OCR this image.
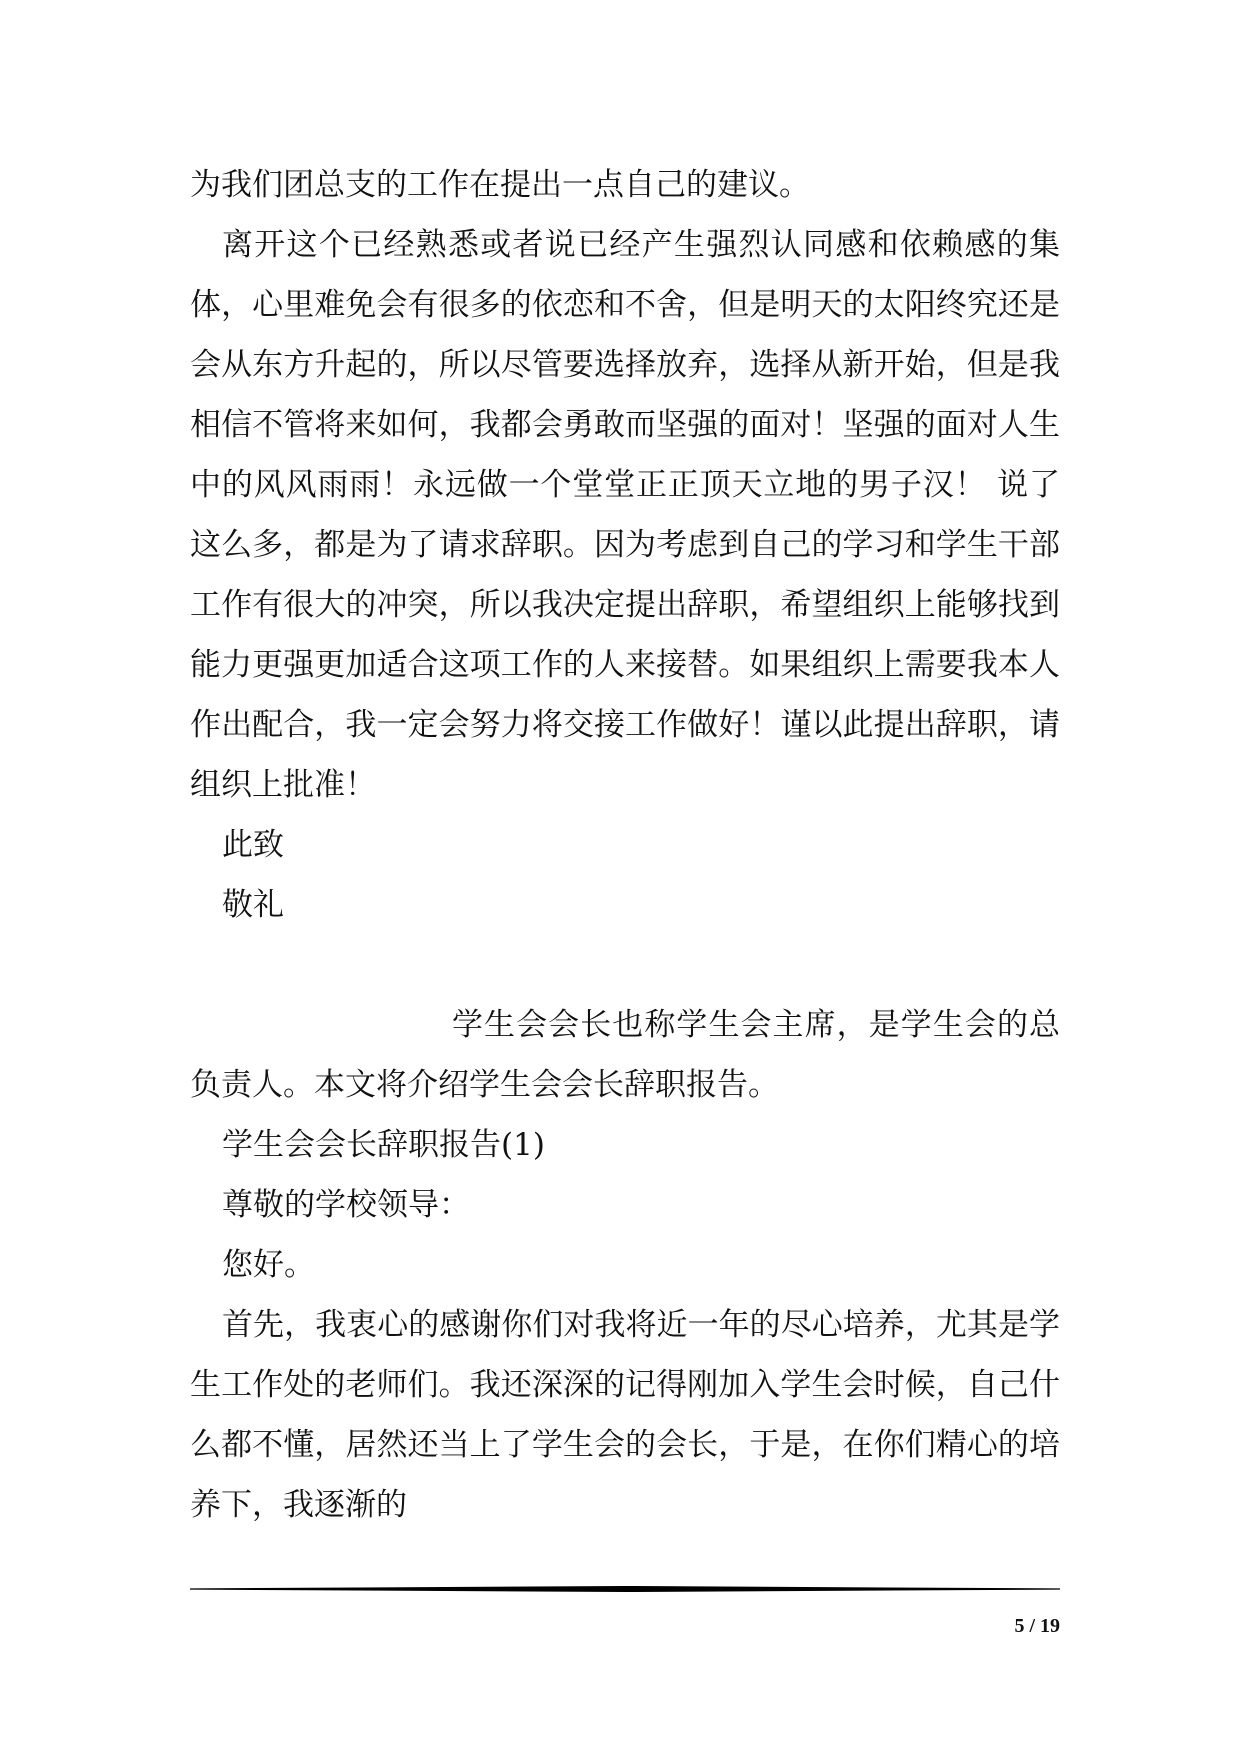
为我们团总支的工作在提出一点自己的建议。

离开这个已经熟悉或者说已经产生强烈认同感和依赖感的集体，心里难免会有很多的依恋和不舍，但是明天的太阳终究还是会从东方升起的，所以尽管要选择放弃，选择从新开始，但是我相信不管将来如何，我都会勇敢而坚强的面对！坚强的面对人生中的风风雨雨！永远做一个堂堂正正顶天立地的男子汉！ 说了这么多，都是为了请求辞职。因为考虑到自己的学习和学生干部工作有很大的冲突，所以我决定提出辞职，希望组织上能够找到能力更强更加适合这项工作的人来接替。如果组织上需要我本人作出配合，我一定会努力将交接工作做好！谨以此提出辞职，请组织上批准！

此致

敬礼

学生会会长也称学生会主席，是学生会的总负责人。本文将介绍学生会会长辞职报告。

学生会会长辞职报告(1)

尊敬的学校领导：

您好。

首先，我衷心的感谢你们对我将近一年的尽心培养，尤其是学生工作处的老师们。我还深深的记得刚加入学生会时候，自己什么都不懂，居然还当上了学生会的会长，于是，在你们精心的培养下，我逐渐的

5 / 19
